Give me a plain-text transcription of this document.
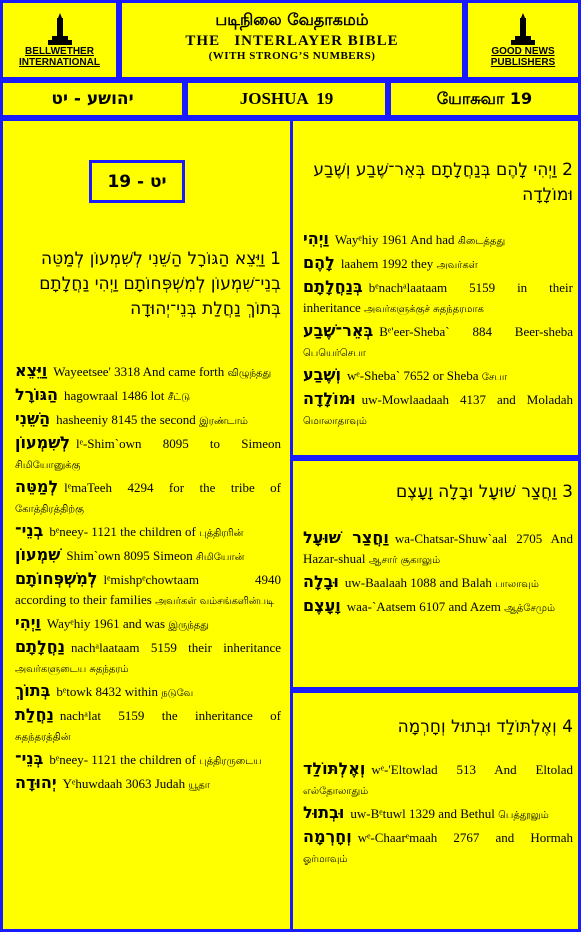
BELLWETHER INTERNATIONAL
படிநிலை வேதாகமம்
THE   INTERLAYER BIBLE
(WITH STRONG’S NUMBERS)	GOOD NEWS PUBLISHERS
יהושע - יט	JOSHUA  19	யோசுவா 19
יט - 19
1 וַיֵּצֵא הַגּוֹרָל הַשֵּׁנִי לְשִׁמְעוֹן לְמַטֵּה בְנֵי־שִׁמְעוֹן לְמִשְׁפְּחוֹתָם וַיְהִי נַחֲלָתָם בְּתוֹךְ נַחֲלַת בְּנֵי־יְהוּדָה
וַיֵּצֵא Wayeetsee' 3318 And came forth விழுந்தது
הַגּוֹרָל hagowraal 1486 lot சீட்டு
הַשֵּׁנִי hasheeniy 8145 the second இரண்டாம்
לְשִׁמְעוֹן lᵉ-Shim`own 8095 to Simeon சிமியோனுக்கு
לְמַטֵּה lᵉmaTeeh 4294 for the tribe of கோத்திரத்திற்கு
בְנֵי־ bᵉneey- 1121 the children of புத்திரரின்
שִׁמְעוֹן Shim`own 8095 Simeon சிமியோன்
לְמִשְׁפְּחוֹתָם lᵉmishpᵉchowtaam 4940 according to their families அவர்கள் வம்சங்களின்படி
וַיְהִי Wayᵉhiy 1961 and was இருந்தது
נַחֲלָתָם nachᵃlaataam 5159 their inheritance அவர்களுடைய சுதந்தரம்
בְּתוֹךְ bᵉtowk 8432 within நடுவே
נַחֲלַת nachᵃlat 5159 the inheritance of சுதந்தரத்தின்
בְּנֵי־ bᵉneey- 1121 the children of புத்திரருடைய
יְהוּדָה Yᵉhuwdaah 3063 Judah யூதா
2 וַיְהִי לָהֶם בְּנַחֲלָתָם בְּאֵר־שֶׁבַע וְשֶׁבַע וּמוֹלָדָה
וַיְהִי Wayᵉhiy 1961 And had கிடைத்தது
לָהֶם laahem 1992 they அவர்கள்
בְּנַחֲלָתָם bᵉnachᵃlaataam 5159 in their inheritance அவர்களுக்குச் சுதந்தரமாக
בְּאֵר־שֶׁבַע Bᵉ'eer-Sheba` 884 Beer-sheba பெயெர்செபா
וְשֶׁבַע wᵉ-Sheba` 7652 or Sheba சேபா
וּמוֹלָדָה uw-Mowlaadaah 4137 and Moladah மொலாதாவும்
3 וַחֲצַר שׁוּעָל וּבָלָה וָעָצֶם
וַחֲצַר שׁוּעָל wa-Chatsar-Shuw`aal 2705 And Hazar-shual ஆசார் சூகாலும்
וּבָלָה uw-Baalaah 1088 and Balah பாலாவும்
וָעָצֶם waa-`Aatsem 6107 and Azem ஆத்சேமும்
4 וְאֶלְתּוֹלַד וּבְתוּל וְחָרְמָה
וְאֶלְתּוֹלַד wᵉ-'Eltowlad 513 And Eltolad எல்தோலாதும்
וּבְתוּל uw-Bᵉtuwl 1329 and Bethul பெத்தூலும்
וְחָרְמָה wᵉ-Chaarᵉmaah 2767 and Hormah ஓர்மாவும்
